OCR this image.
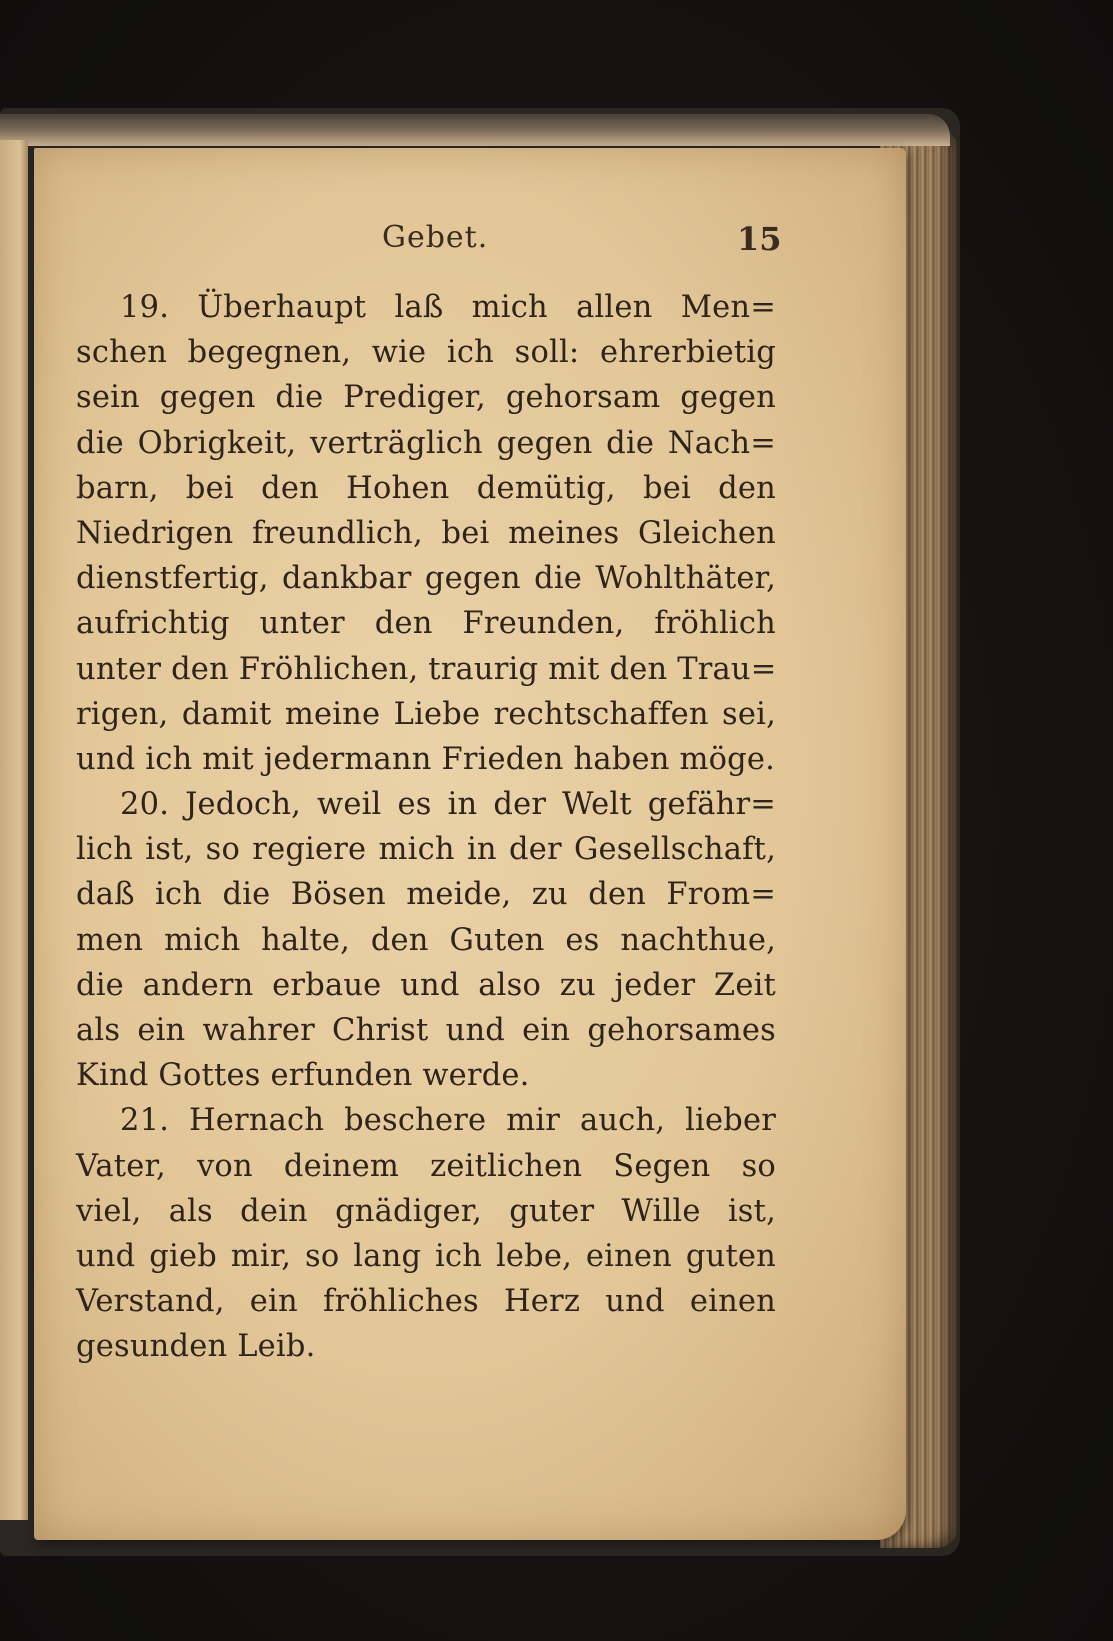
Gebet.	15
19. Überhaupt laß mich allen Men=
schen begegnen, wie ich soll: ehrerbietig
sein gegen die Prediger, gehorsam gegen
die Obrigkeit, verträglich gegen die Nach=
barn, bei den Hohen demütig, bei den
Niedrigen freundlich, bei meines Gleichen
dienstfertig, dankbar gegen die Wohlthäter,
aufrichtig unter den Freunden, fröhlich
unter den Fröhlichen, traurig mit den Trau=
rigen, damit meine Liebe rechtschaffen sei,
und ich mit jedermann Frieden haben möge.
20. Jedoch, weil es in der Welt gefähr=
lich ist, so regiere mich in der Gesellschaft,
daß ich die Bösen meide, zu den From=
men mich halte, den Guten es nachthue,
die andern erbaue und also zu jeder Zeit
als ein wahrer Christ und ein gehorsames
Kind Gottes erfunden werde.
21. Hernach beschere mir auch, lieber
Vater, von deinem zeitlichen Segen so
viel, als dein gnädiger, guter Wille ist,
und gieb mir, so lang ich lebe, einen guten
Verstand, ein fröhliches Herz und einen
gesunden Leib.
